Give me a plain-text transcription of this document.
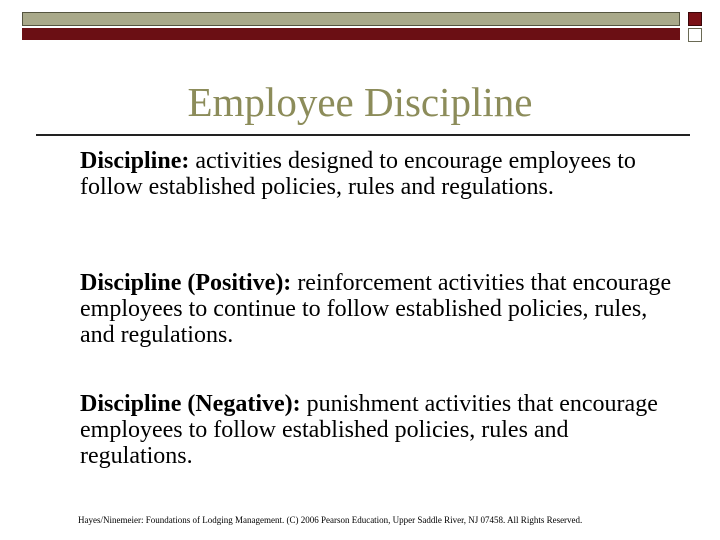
Employee Discipline

Discipline: activities designed to encourage employees to follow established policies, rules and regulations.

Discipline (Positive): reinforcement activities that encourage employees to continue to follow established policies, rules, and regulations.

Discipline (Negative): punishment activities that encourage employees to follow established policies, rules and regulations.

Hayes/Ninemeier: Foundations of Lodging Management. (C) 2006 Pearson Education, Upper Saddle River, NJ 07458. All Rights Reserved.
